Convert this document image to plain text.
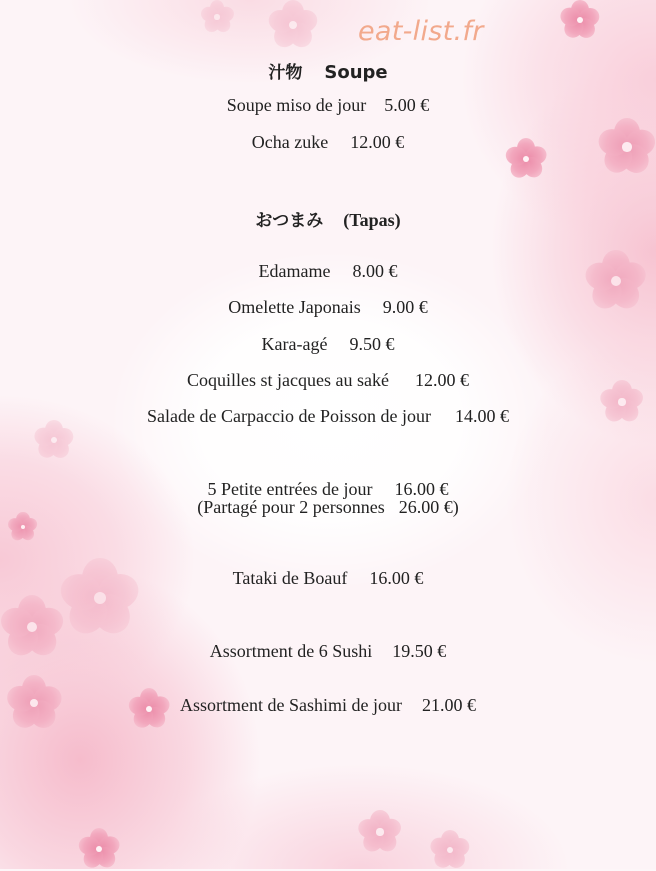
eat-list.fr
汁物 Soupe
Soupe miso de jour 5.00 €
Ocha zuke 12.00 €
おつまみ (Tapas)
Edamame 8.00 €
Omelette Japonais 9.00 €
Kara-agé 9.50 €
Coquilles st jacques au saké 12.00 €
Salade de Carpaccio de Poisson de jour 14.00 €
5 Petite entrées de jour 16.00 €
(Partagé pour 2 personnes 26.00 €)
Tataki de Boauf 16.00 €
Assortment de 6 Sushi 19.50 €
Assortment de Sashimi de jour 21.00 €
